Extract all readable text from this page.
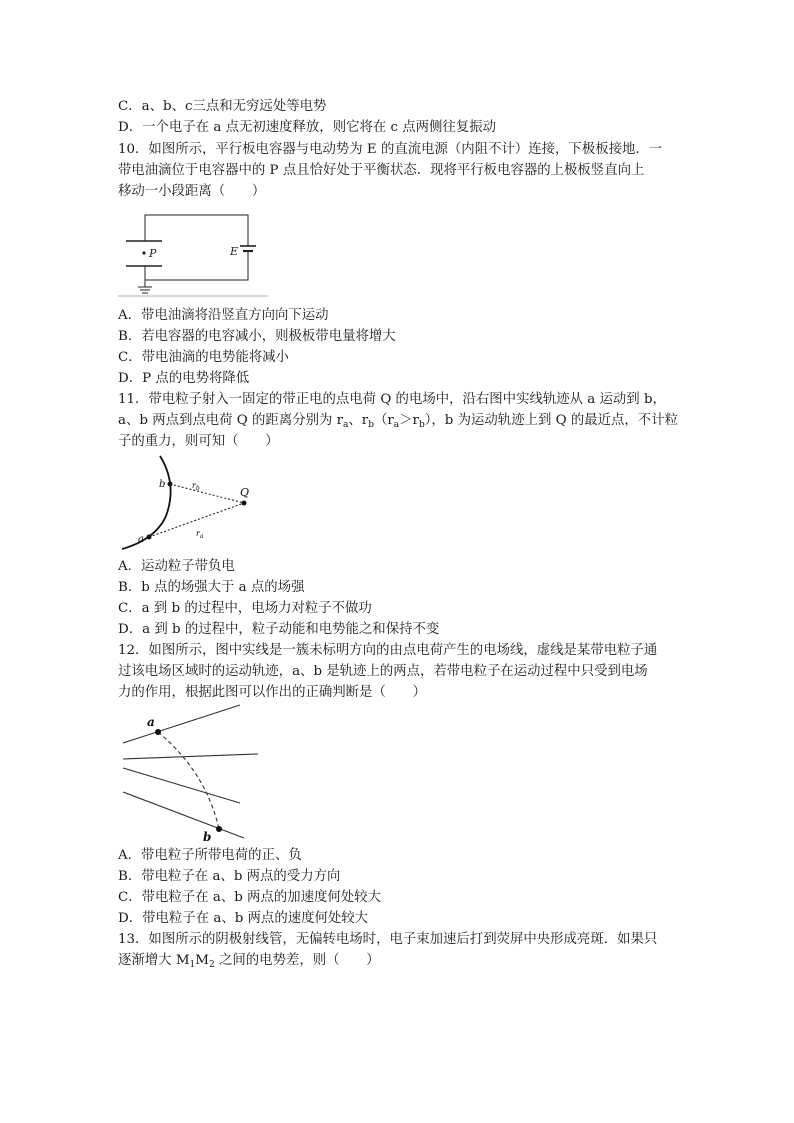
C．a、b、c三点和无穷远处等电势
D．一个电子在 a 点无初速度释放，则它将在 c 点两侧往复振动
10．如图所示，平行板电容器与电动势为 E 的直流电源（内阻不计）连接，下极板接地．一
带电油滴位于电容器中的 P 点且恰好处于平衡状态．现将平行板电容器的上极板竖直向上
移动一小段距离（　　）
P	E
A．带电油滴将沿竖直方向向下运动
B．若电容器的电容减小，则极板带电量将增大
C．带电油滴的电势能将减小
D．P 点的电势将降低
11．带电粒子射入一固定的带正电的点电荷 Q 的电场中，沿右图中实线轨迹从 a 运动到 b，
a、b 两点到点电荷 Q 的距离分别为 $r_a$、$r_b(r_a>r_b)$，b 为运动轨迹上到 Q 的最近点，不计粒
子的重力，则可知（　　）
b
a
Q
$r_b$
$r_a$
A．运动粒子带负电
B．b 点的场强大于 a 点的场强
C．a 到 b 的过程中，电场力对粒子不做功
D．a 到 b 的过程中，粒子动能和电势能之和保持不变
12．如图所示，图中实线是一簇未标明方向的由点电荷产生的电场线，虚线是某带电粒子通
过该电场区域时的运动轨迹，a、b 是轨迹上的两点，若带电粒子在运动过程中只受到电场
力的作用，根据此图可以作出的正确判断是（　　）
a
b
A．带电粒子所带电荷的正、负
B．带电粒子在 a、b 两点的受力方向
C．带电粒子在 a、b 两点的加速度何处较大
D．带电粒子在 a、b 两点的速度何处较大
13．如图所示的阴极射线管，无偏转电场时，电子束加速后打到荧屏中央形成亮斑．如果只
逐渐增大 $M_1M_2$ 之间的电势差，则（　　）
